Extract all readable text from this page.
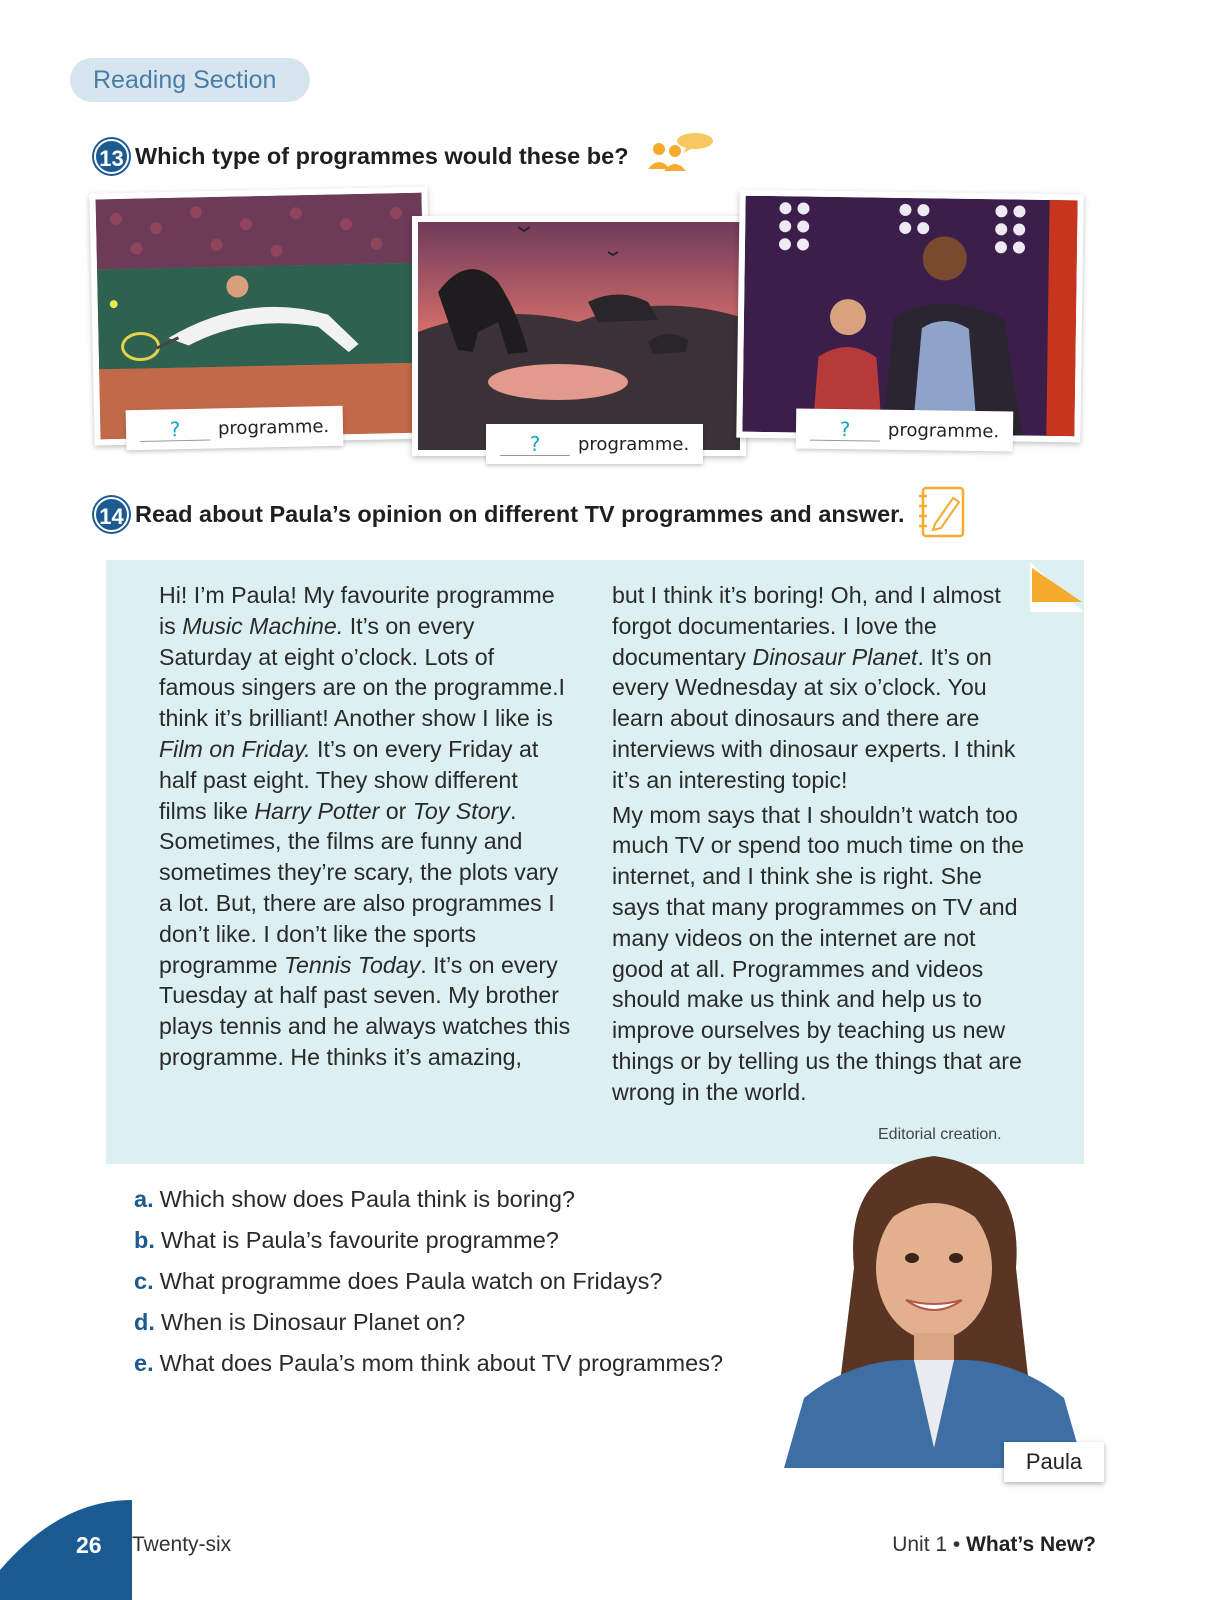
Reading Section
13 Which type of programmes would these be?
?	programme.
?	programme.
?	programme.
14 Read about Paula’s opinion on different TV programmes and answer.

Hi! I’m Paula! My favourite programme is Music Machine. It’s on every Saturday at eight o’clock. Lots of famous singers are on the programme.I think it’s brilliant! Another show I like is Film on Friday. It’s on every Friday at half past eight. They show different films like Harry Potter or Toy Story. Sometimes, the films are funny and sometimes they’re scary, the plots vary a lot. But, there are also programmes I don’t like. I don’t like the sports programme Tennis Today. It’s on every Tuesday at half past seven. My brother plays tennis and he always watches this programme. He thinks it’s amazing,

but I think it’s boring! Oh, and I almost forgot documentaries. I love the documentary Dinosaur Planet. It’s on every Wednesday at six o’clock. You learn about dinosaurs and there are interviews with dinosaur experts. I think it’s an interesting topic!

My mom says that I shouldn’t watch too much TV or spend too much time on the internet, and I think she is right. She says that many programmes on TV and many videos on the internet are not good at all. Programmes and videos should make us think and help us to improve ourselves by teaching us new things or by telling us the things that are wrong in the world.

Editorial creation.
a. Which show does Paula think is boring?
b. What is Paula’s favourite programme?
c. What programme does Paula watch on Fridays?
d. When is Dinosaur Planet on?
e. What does Paula’s mom think about TV programmes?
Paula
26 Twenty-six	Unit 1 • What’s New?
